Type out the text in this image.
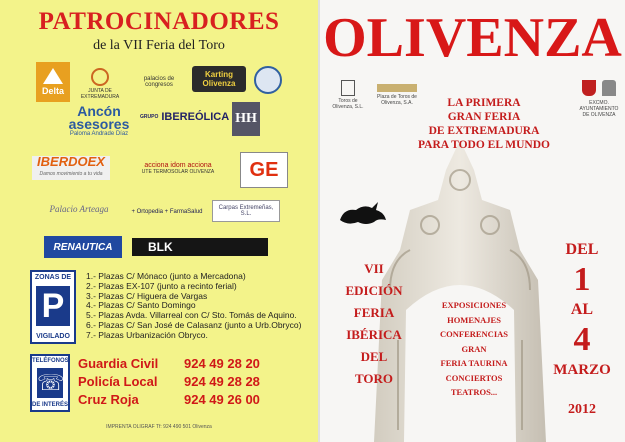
PATROCINADORES
de la VII Feria del Toro
Delta	JUNTA DE EXTREMADURA
palacios de congresos
Karting Olivenza
Ancón
asesores
Paloma Andrade Díaz
GRUPO IBEREÓLICA HH
IBERDOEX
Damos movimiento a tu vida
acciona idom acciona
UTE TERMOSOLAR OLIVENZA	GE
Palacio Arteaga	+ Ortopedia + FarmaSalud
Carpas Extremeñas, S.L.
RENAUTICA	BLK
ZONAS DE
P
VIGILADO
1.- Plazas C/ Mónaco (junto a Mercadona)
2.- Plazas EX-107 (junto a recinto ferial)
3.- Plazas C/ Higuera de Vargas
4.- Plazas C/ Santo Domingo
5.- Plazas Avda. Villarreal con C/ Sto. Tomás de Aquino.
6.- Plazas C/ San José de Calasanz (junto a Urb.Obryco)
7.- Plazas Urbanización Obryco.
TELÉFONOS
☏
DE INTERÉS
Guardia Civil 924 49 28 20
Policía Local 924 49 28 28
Cruz Roja	924 49 26 00
IMPRENTA OLIGRAF Tf: 924 490 501 Olivenza
OLIVENZA
Toros de Olivenza, S.L.
Plaza de Toros de Olivenza, S.A.
	EXCMO. AYUNTAMIENTO DE OLIVENZA
LA PRIMERA
GRAN FERIA
DE EXTREMADURA
PARA TODO EL MUNDO
VII
EDICIÓN
FERIA
IBÉRICA
DEL
TORO
EXPOSICIONES
HOMENAJES
CONFERENCIAS
GRAN
FERIA TAURINA
CONCIERTOS
TEATROS...
DEL
1
AL
4
MARZO
2012
